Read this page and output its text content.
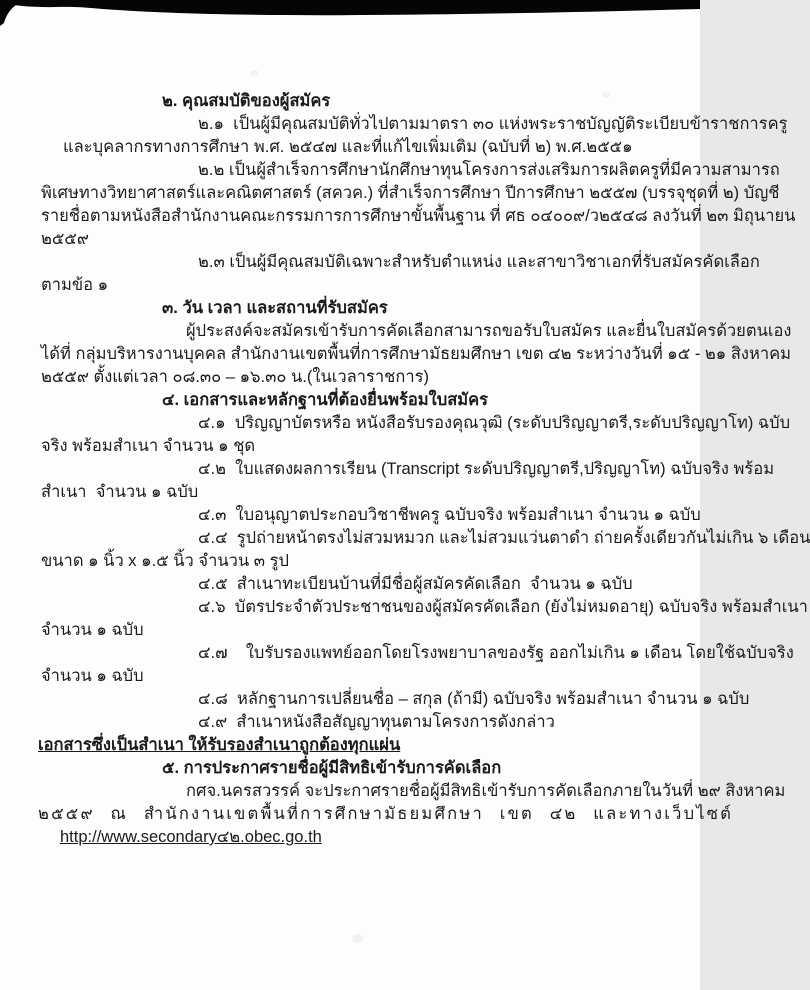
๒. คุณสมบัติของผู้สมัคร
๒.๑  เป็นผู้มีคุณสมบัติทั่วไปตามมาตรา ๓๐ แห่งพระราชบัญญัติระเบียบข้าราชการครู
และบุคลากรทางการศึกษา พ.ศ. ๒๕๔๗ และที่แก้ไขเพิ่มเติม (ฉบับที่ ๒) พ.ศ.๒๕๕๑
๒.๒ เป็นผู้สำเร็จการศึกษานักศึกษาทุนโครงการส่งเสริมการผลิตครูที่มีความสามารถ
พิเศษทางวิทยาศาสตร์และคณิตศาสตร์ (สควค.) ที่สำเร็จการศึกษา ปีการศึกษา ๒๕๕๗ (บรรจุชุดที่ ๒) บัญชี
รายชื่อตามหนังสือสำนักงานคณะกรรมการการศึกษาขั้นพื้นฐาน ที่ ศธ ๐๔๐๐๙/ว๒๕๔๘ ลงวันที่ ๒๓ มิถุนายน
๒๕๕๙
๒.๓ เป็นผู้มีคุณสมบัติเฉพาะสำหรับตำแหน่ง และสาขาวิชาเอกที่รับสมัครคัดเลือก
ตามข้อ ๑
๓. วัน เวลา และสถานที่รับสมัคร
ผู้ประสงค์จะสมัครเข้ารับการคัดเลือกสามารถขอรับใบสมัคร และยื่นใบสมัครด้วยตนเอง
ได้ที่ กลุ่มบริหารงานบุคคล สำนักงานเขตพื้นที่การศึกษามัธยมศึกษา เขต ๔๒ ระหว่างวันที่ ๑๕ - ๒๑ สิงหาคม
๒๕๕๙ ตั้งแต่เวลา ๐๘.๓๐ – ๑๖.๓๐ น.(ในเวลาราชการ)
๔. เอกสารและหลักฐานที่ต้องยื่นพร้อมใบสมัคร
๔.๑  ปริญญาบัตรหรือ หนังสือรับรองคุณวุฒิ (ระดับปริญญาตรี,ระดับปริญญาโท) ฉบับ
จริง พร้อมสำเนา จำนวน ๑ ชุด
๔.๒  ใบแสดงผลการเรียน (Transcript ระดับปริญญาตรี,ปริญญาโท) ฉบับจริง พร้อม
สำเนา  จำนวน ๑ ฉบับ
๔.๓  ใบอนุญาตประกอบวิชาชีพครู ฉบับจริง พร้อมสำเนา จำนวน ๑ ฉบับ
๔.๔  รูปถ่ายหน้าตรงไม่สวมหมวก และไม่สวมแว่นตาดำ ถ่ายครั้งเดียวกันไม่เกิน ๖ เดือน
ขนาด ๑ นิ้ว x ๑.๕ นิ้ว จำนวน ๓ รูป
๔.๕  สำเนาทะเบียนบ้านที่มีชื่อผู้สมัครคัดเลือก  จำนวน ๑ ฉบับ
๔.๖  บัตรประจำตัวประชาชนของผู้สมัครคัดเลือก (ยังไม่หมดอายุ) ฉบับจริง พร้อมสำเนา
จำนวน ๑ ฉบับ
๔.๗    ใบรับรองแพทย์ออกโดยโรงพยาบาลของรัฐ ออกไม่เกิน ๑ เดือน โดยใช้ฉบับจริง
จำนวน ๑ ฉบับ
๔.๘  หลักฐานการเปลี่ยนชื่อ – สกุล (ถ้ามี) ฉบับจริง พร้อมสำเนา จำนวน ๑ ฉบับ
๔.๙  สำเนาหนังสือสัญญาทุนตามโครงการดังกล่าว
เอกสารซึ่งเป็นสำเนา ให้รับรองสำเนาถูกต้องทุกแผ่น
๕. การประกาศรายชื่อผู้มีสิทธิเข้ารับการคัดเลือก
กศจ.นครสวรรค์ จะประกาศรายชื่อผู้มีสิทธิเข้ารับการคัดเลือกภายในวันที่ ๒๙ สิงหาคม
๒๕๕๙ ณ สำนักงานเขตพื้นที่การศึกษามัธยมศึกษา เขต ๔๒ และทางเว็บไซต์
http://www.secondary๔๒.obec.go.th
